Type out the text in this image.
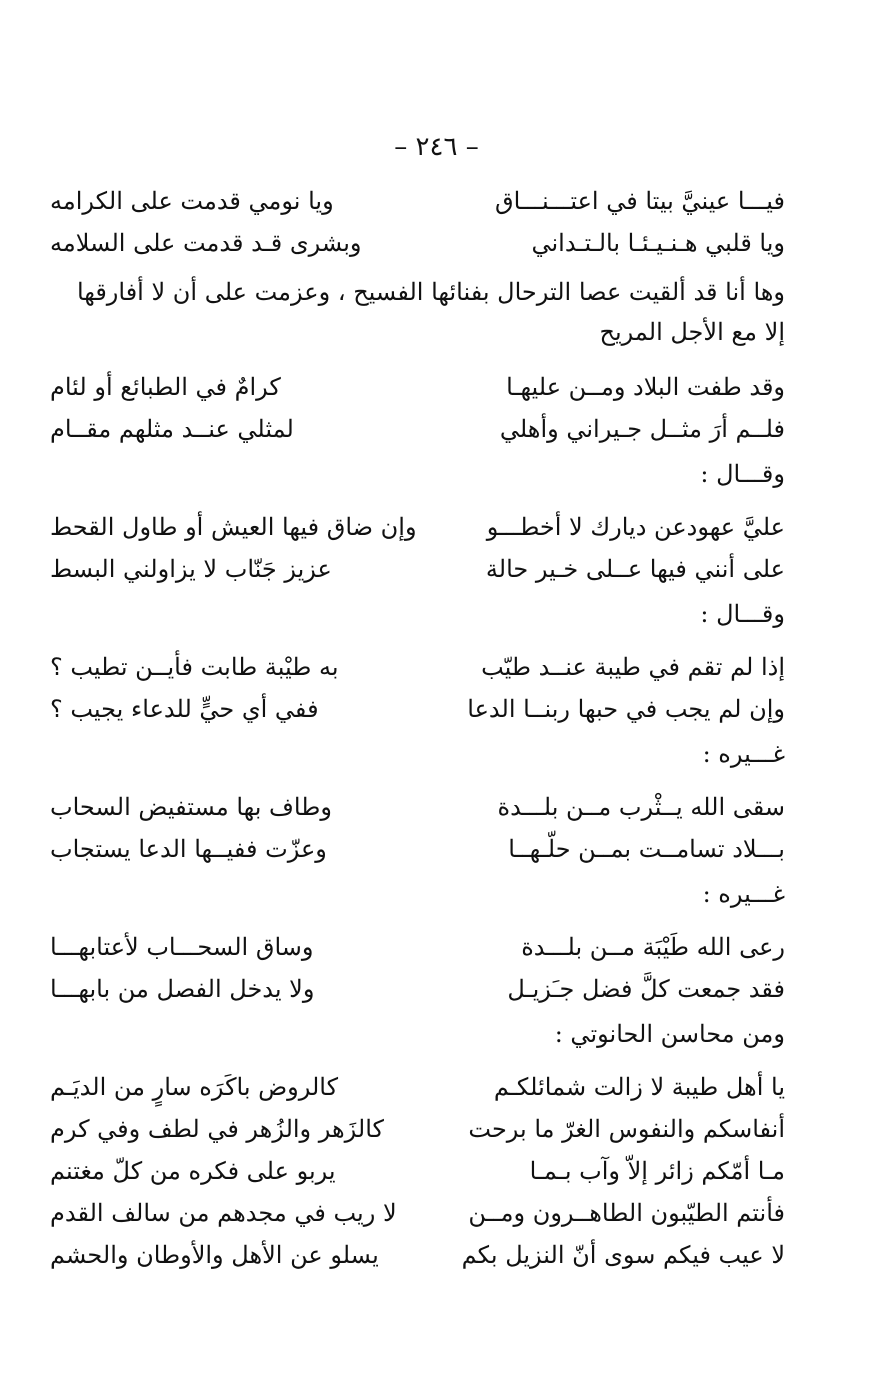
– ٢٤٦ –
فيـــا عينيَّ بيتا في اعتـــنـــاق
ويا نومي قدمت على الكرامه
ويا قلبي هـنـيـئـا بالـتـداني
وبشرى قـد قدمت على السلامه

وها أنا قد ألقيت عصا الترحال بفنائها الفسيح ، وعزمت على أن لا أفارقها

إلا مع الأجل المريح

وقد طفت البلاد ومــن عليهـا
كرامٌ في الطبائع أو لئام
فلــم أرَ مثــل جـيراني وأهلي
لمثلي عنــد مثلهم مقــام
وقـــال :
عليَّ عهودعن ديارك لا أخطـــو
وإن ضاق فيها العيش أو طاول القحط
على أنني فيها عــلى خـير حالة
عزيز جَنّاب لا يزاولني البسط
وقـــال :
إذا لم تقم في طيبة عنــد طيّب
به طيْبة طابت فأيــن تطيب ؟
وإن لم يجب في حبها ربنــا الدعا
ففي أي حيٍّ للدعاء يجيب ؟
غـــيره :
سقى الله يــثْرب مــن بلـــدة
وطاف بها مستفيض السحاب
بـــلاد تسامــت بمــن حلّـهــا
وعزّت ففيــها الدعا يستجاب
غـــيره :
رعى الله طَيْبَة مــن بلـــدة
وساق السحـــاب لأعتابهـــا
فقد جمعت كلَّ فضل جـَزيـل
ولا يدخل الفصل من بابهـــا
ومن محاسن الحانوتي :
يا أهل طيبة لا زالت شمائلكـم
كالروض باكَرَه سارٍ من الديَـم
أنفاسكم والنفوس الغرّ ما برحت
كالزَهر والزُهر في لطف وفي كرم
مـا أمّكم زائر إلاّ وآب بـمـا
يربو على فكره من كلّ مغتنم
فأنتم الطيّبون الطاهــرون ومــن
لا ريب في مجدهم من سالف القدم
لا عيب فيكم سوى أنّ النزيل بكم
يسلو عن الأهل والأوطان والحشم
